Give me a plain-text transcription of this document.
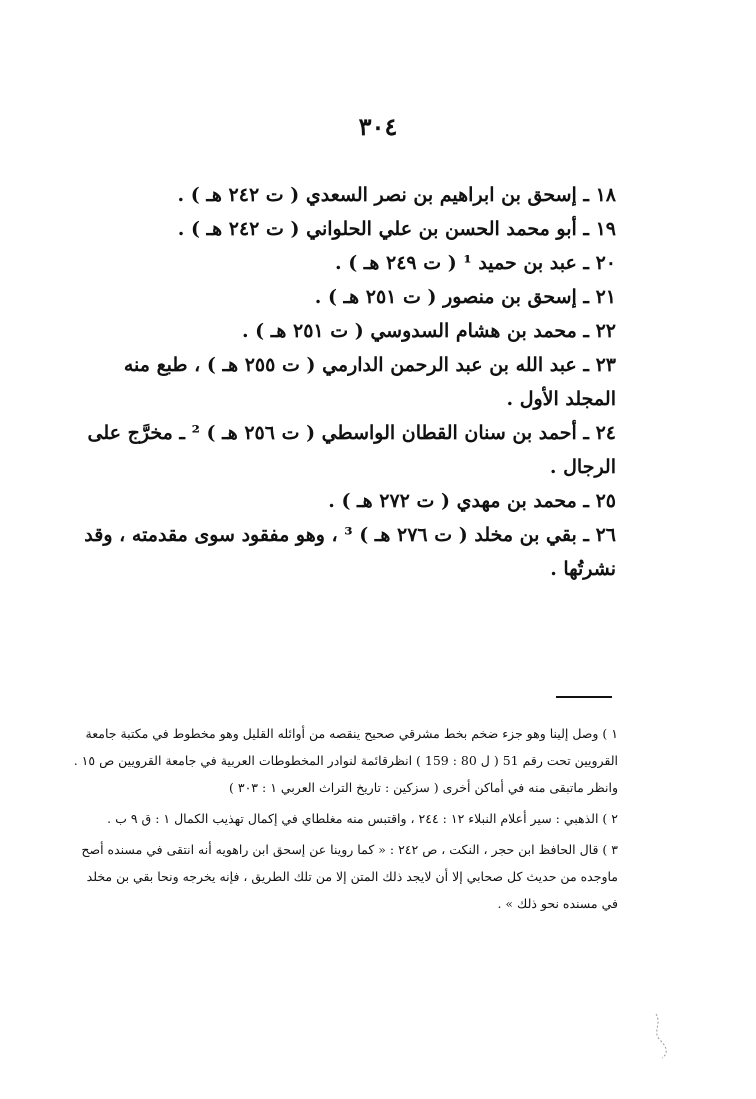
٣٠٤

١٨ ـ إسحق بن ابراهيم بن نصر السعدي ( ت ٢٤٢ هـ ) .

١٩ ـ أبو محمد الحسن بن علي الحلواني ( ت ٢٤٢ هـ ) .

٢٠ ـ عبد بن حميد ¹ ( ت ٢٤٩ هـ ) .

٢١ ـ إسحق بن منصور ( ت ٢٥١ هـ ) .

٢٢ ـ محمد بن هشام السدوسي ( ت ٢٥١ هـ ) .

٢٣ ـ عبد الله بن عبد الرحمن الدارمي ( ت ٢٥٥ هـ ) ، طبع منه المجلد الأول .

٢٤ ـ أحمد بن سنان القطان الواسطي ( ت ٢٥٦ هـ ) ² ـ مخرَّج على الرجال .

٢٥ ـ محمد بن مهدي ( ت ٢٧٢ هـ ) .

٢٦ ـ بقي بن مخلد ( ت ٢٧٦ هـ ) ³ ، وهو مفقود سوى مقدمته ، وقد نشرتُها .

١ ) وصل إلينا وهو جزء ضخم بخط مشرقي صحيح ينقصه من أوائله القليل وهو مخطوط في مكتبة جامعة القرويين تحت رقم 51 ( ل 80 : 159 ) انظرقائمة لنوادر المخطوطات العربية في جامعة القرويين ص ١٥ . وانظر ماتبقى منه في أماكن أخرى ( سزكين : تاريخ التراث العربي ١ : ٣٠٣ )

٢ ) الذهبي : سير أعلام النبلاء ١٢ : ٢٤٤ ، واقتبس منه مغلطاي في إكمال تهذيب الكمال ١ : ق ٩ ب .

٣ ) قال الحافظ ابن حجر ، النكت ، ص ٢٤٢ : « كما روينا عن إسحق ابن راهويه أنه انتقى في مسنده أصح ماوجده من حديث كل صحابي إلا أن لايجد ذلك المتن إلا من تلك الطريق ، فإنه يخرجه ونحا بقي بن مخلد في مسنده نحو ذلك » .
